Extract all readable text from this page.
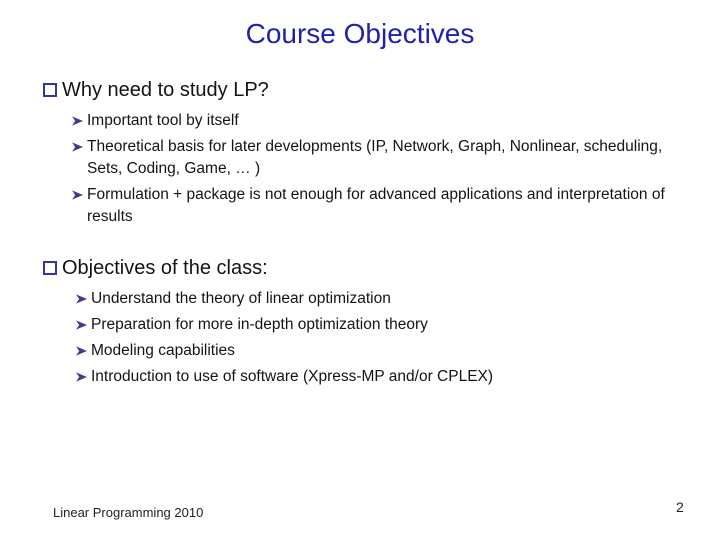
Course Objectives
Why need to study LP?
Important tool by itself
Theoretical basis for later developments (IP, Network, Graph, Nonlinear, scheduling, Sets, Coding, Game, … )
Formulation + package is not enough for advanced applications and interpretation of results
Objectives of the class:
Understand the theory of linear optimization
Preparation for more in-depth optimization theory
Modeling capabilities
Introduction to use of software (Xpress-MP and/or CPLEX)
Linear Programming 2010	2
